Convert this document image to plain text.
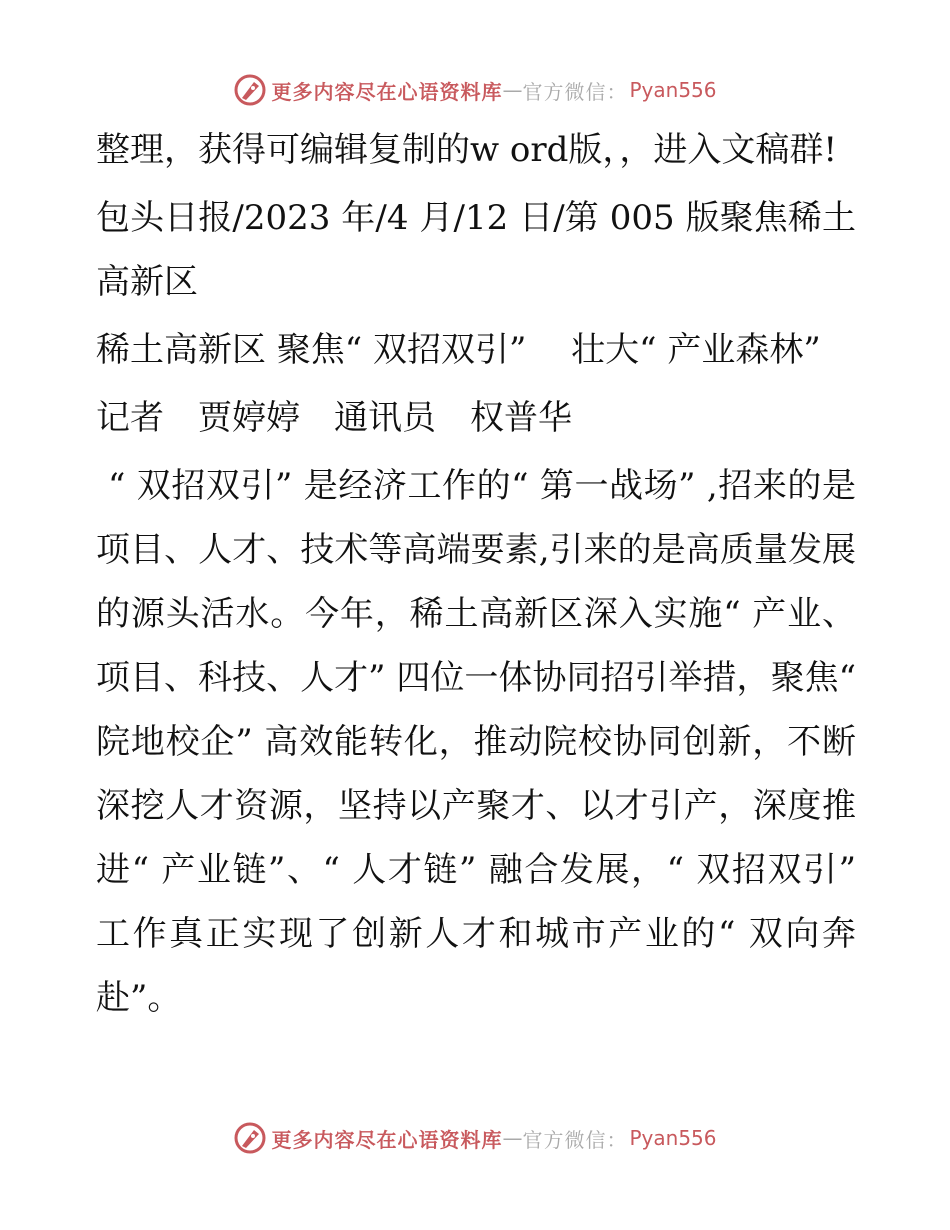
更多内容尽在心语资料库 — 官方微信： Pyan556

整理，获得可编辑复制的w ord版，，进入文稿群!

包头日报/2023 年/4 月/12 日/第 005 版聚焦稀土高新区

稀土高新区 聚焦“ 双招双引”　 壮大“ 产业森林”

记者　贾婷婷　通讯员　权普华

“ 双招双引” 是经济工作的“ 第一战场” ,招来的是项目、人才、技术等高端要素,引来的是高质量发展的源头活水。今年，稀土高新区深入实施“ 产业、项目、科技、人才” 四位一体协同招引举措，聚焦“ 院地校企” 高效能转化，推动院校协同创新，不断深挖人才资源，坚持以产聚才、以才引产，深度推进“ 产业链”、“ 人才链” 融合发展，“ 双招双引” 工作真正实现了创新人才和城市产业的“ 双向奔赴”。

更多内容尽在心语资料库 — 官方微信： Pyan556
